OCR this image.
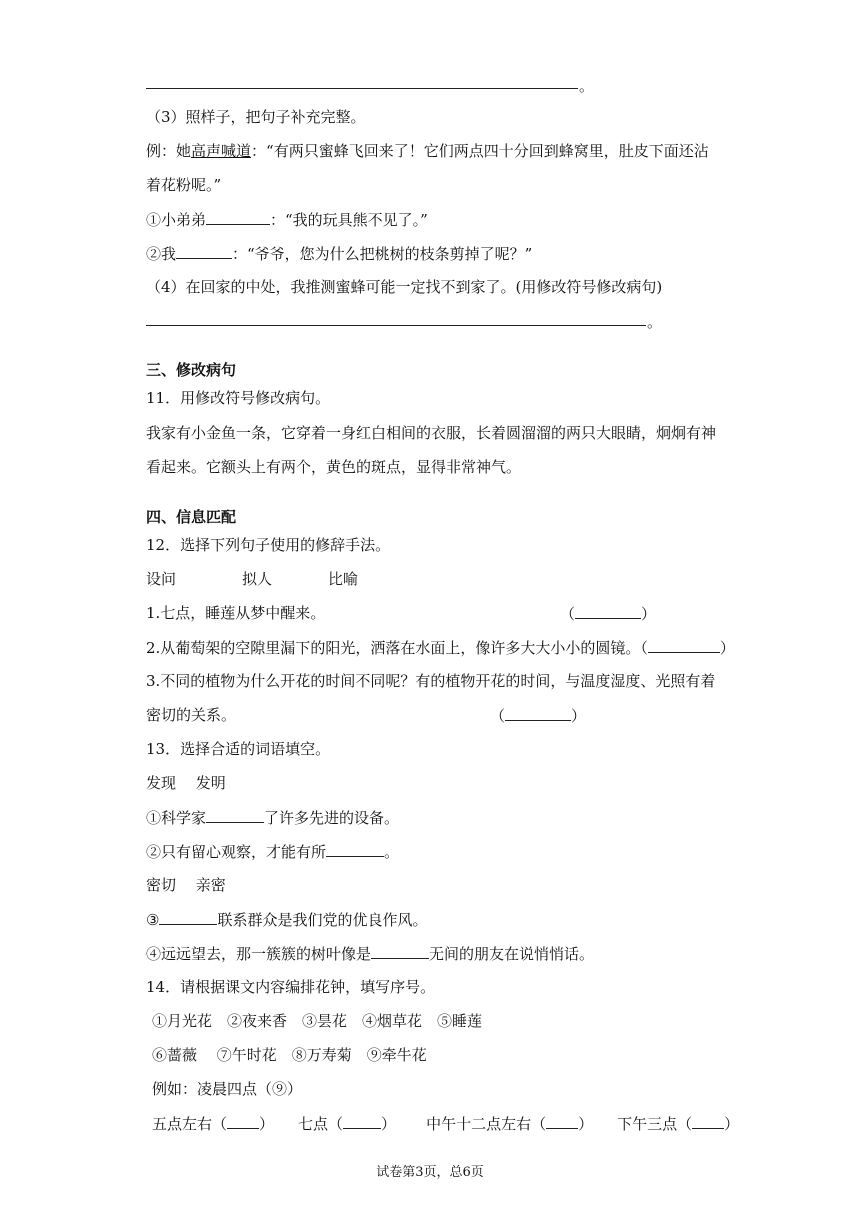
。
（3）照样子，把句子补充完整。
例：她高声喊道：“有两只蜜蜂飞回来了！它们两点四十分回到蜂窝里，肚皮下面还沾
着花粉呢。”
①小弟弟	：“我的玩具熊不见了。”
②我	：“爷爷，您为什么把桃树的枝条剪掉了呢？”
（4）在回家的中处，我推测蜜蜂可能一定找不到家了。(用修改符号修改病句)
。
三、修改病句
11．用修改符号修改病句。
我家有小金鱼一条，它穿着一身红白相间的衣服，长着圆溜溜的两只大眼睛，炯炯有神
看起来。它额头上有两个，黄色的斑点，显得非常神气。
四、信息匹配
12．选择下列句子使用的修辞手法。
设问	拟人	比喻
1.七点，睡莲从梦中醒来。	（	）
2.从葡萄架的空隙里漏下的阳光，洒落在水面上，像许多大大小小的圆镜。（	）
3.不同的植物为什么开花的时间不同呢？有的植物开花的时间，与温度湿度、光照有着
密切的关系。	（	）
13．选择合适的词语填空。
发现　 发明
①科学家	了许多先进的设备。
②只有留心观察，才能有所	。
密切　 亲密
③	联系群众是我们党的优良作风。
④远远望去，那一簇簇的树叶像是	无间的朋友在说悄悄话。
14．请根据课文内容编排花钟，填写序号。
①月光花　②夜来香　③昙花　④烟草花　⑤睡莲
⑥蔷薇　 ⑦午时花　⑧万寿菊　⑨牵牛花
例如：凌晨四点（⑨）
五点左右（ ） 七点（	） 中午十二点左右（ ） 下午三点（ ）
试卷第3页，总6页
